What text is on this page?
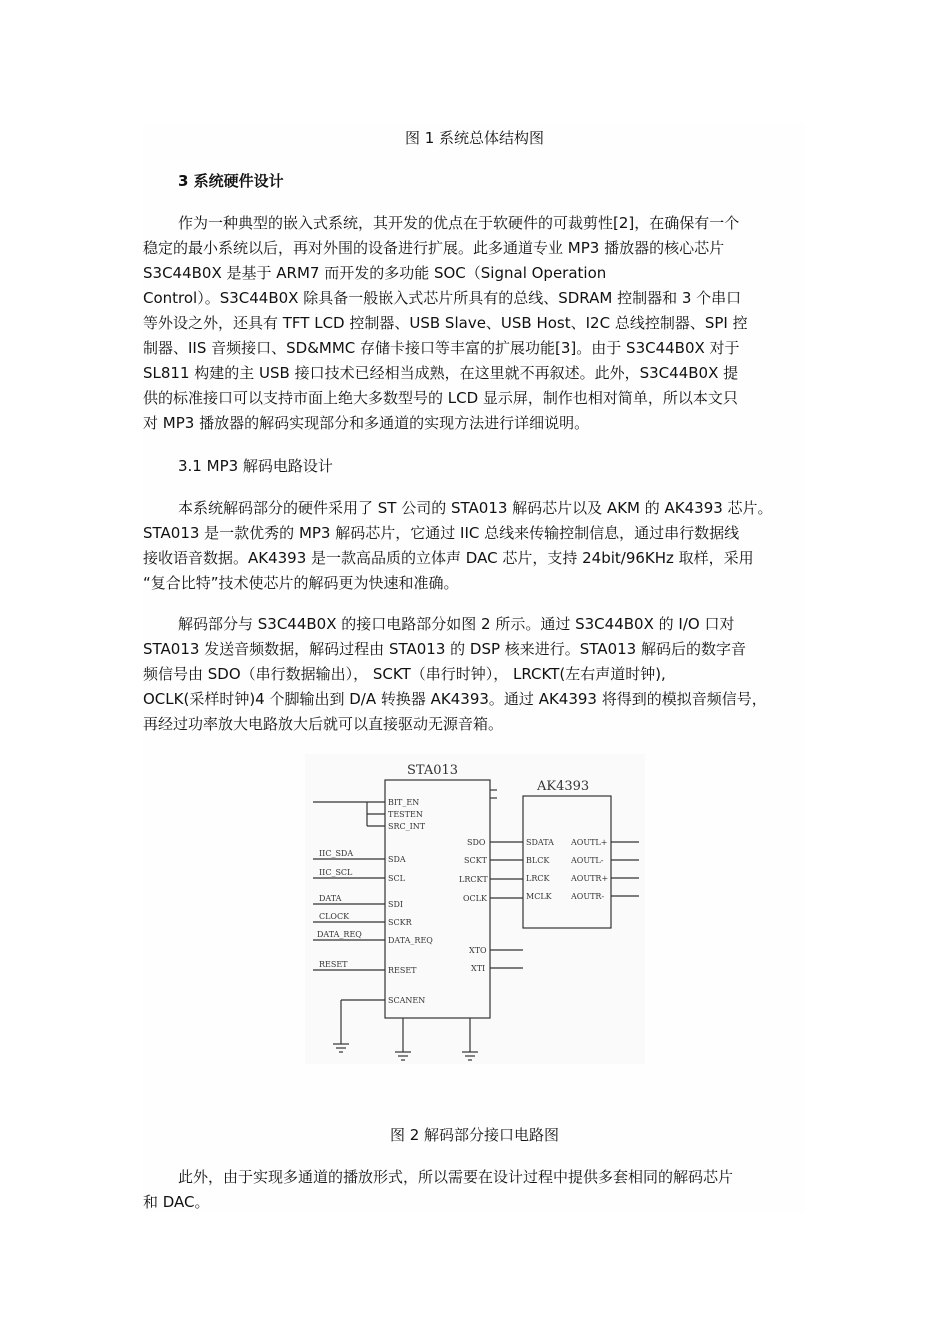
图 1 系统总体结构图
3 系统硬件设计
作为一种典型的嵌入式系统，其开发的优点在于软硬件的可裁剪性[2]，在确保有一个
稳定的最小系统以后，再对外围的设备进行扩展。此多通道专业 MP3 播放器的核心芯片
S3C44B0X 是基于 ARM7 而开发的多功能 SOC（Signal Operation
Control）。S3C44B0X 除具备一般嵌入式芯片所具有的总线、SDRAM 控制器和 3 个串口
等外设之外，还具有 TFT LCD 控制器、USB Slave、USB Host、I2C 总线控制器、SPI 控
制器、IIS 音频接口、SD&MMC 存储卡接口等丰富的扩展功能[3]。由于 S3C44B0X 对于
SL811 构建的主 USB 接口技术已经相当成熟，在这里就不再叙述。此外，S3C44B0X 提
供的标准接口可以支持市面上绝大多数型号的 LCD 显示屏，制作也相对简单，所以本文只
对 MP3 播放器的解码实现部分和多通道的实现方法进行详细说明。
3.1 MP3 解码电路设计
本系统解码部分的硬件采用了 ST 公司的 STA013 解码芯片以及 AKM 的 AK4393 芯片。
STA013 是一款优秀的 MP3 解码芯片，它通过 IIC 总线来传输控制信息，通过串行数据线
接收语音数据。AK4393 是一款高品质的立体声 DAC 芯片，支持 24bit/96KHz 取样，采用
“复合比特”技术使芯片的解码更为快速和准确。
解码部分与 S3C44B0X 的接口电路部分如图 2 所示。通过 S3C44B0X 的 I/O 口对
STA013 发送音频数据，解码过程由 STA013 的 DSP 核来进行。STA013 解码后的数字音
频信号由 SDO（串行数据输出）， SCKT（串行时钟）， LRCKT(左右声道时钟),
OCLK(采样时钟)4 个脚输出到 D/A 转换器 AK4393。通过 AK4393 将得到的模拟音频信号，
再经过功率放大电路放大后就可以直接驱动无源音箱。
STA013
AK4393
BIT_EN
TESTEN
SRC_INT
SDA
SCL
SDI
SCKR
DATA_REQ
RESET
SCANEN
SDO
SCKT
LRCKT
OCLK
XTO
XTI
IIC_SDA
IIC_SCL
DATA
CLOCK
DATA_REQ
RESET
SDATA
BLCK
LRCK
MCLK
AOUTL+
AOUTL-
AOUTR+
AOUTR-
图 2 解码部分接口电路图
此外，由于实现多通道的播放形式，所以需要在设计过程中提供多套相同的解码芯片
和 DAC。
